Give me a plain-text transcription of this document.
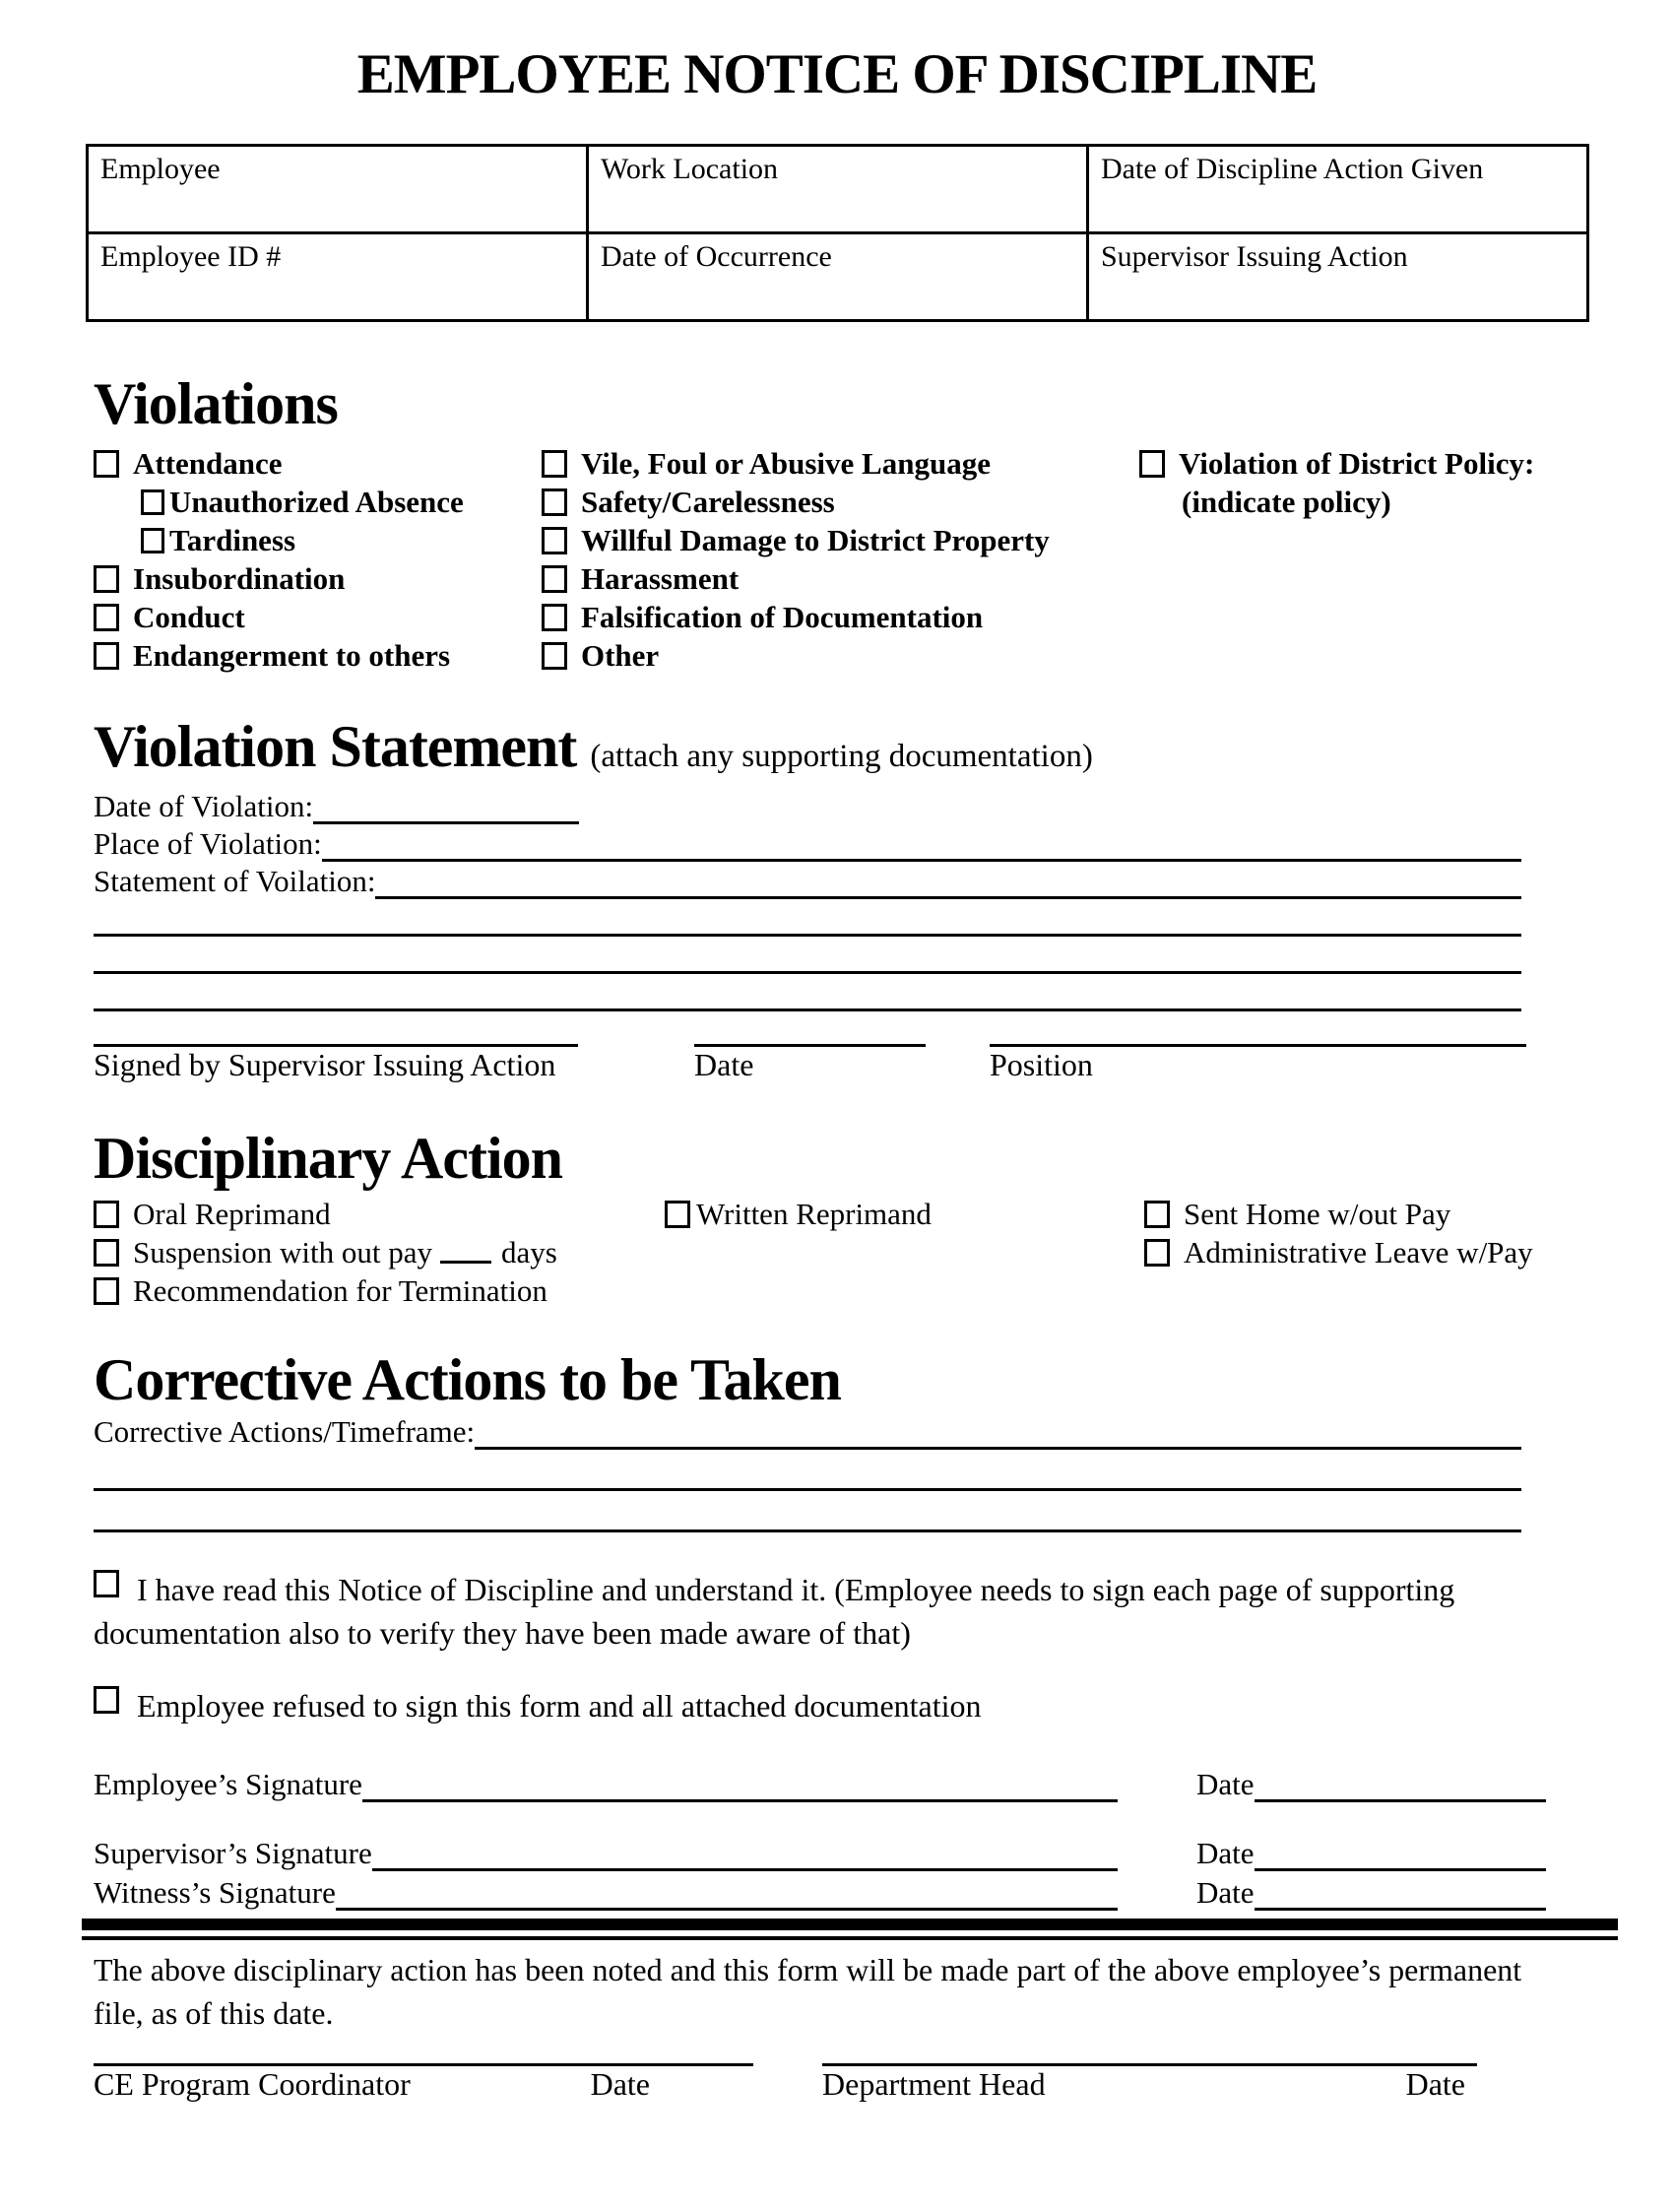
EMPLOYEE NOTICE OF DISCIPLINE
Employee	Work Location	Date of Discipline Action Given
Employee ID #	Date of Occurrence	Supervisor Issuing Action
Violations
Attendance
Unauthorized Absence
Tardiness
Insubordination
Conduct
Endangerment to others
Vile, Foul or Abusive Language
Safety/Carelessness
Willful Damage to District Property
Harassment
Falsification of Documentation
Other
Violation of District Policy:
(indicate policy)
Violation Statement (attach any supporting documentation)
Date of Violation:
Place of Violation:
Statement of Voilation:
Signed by Supervisor Issuing Action	Date	Position
Disciplinary Action
Oral Reprimand
Suspension with out pay days
Recommendation for Termination
Written Reprimand	Sent Home w/out Pay
Administrative Leave w/Pay
Corrective Actions to be Taken
Corrective Actions/Timeframe:
I have read this Notice of Discipline and understand it. (Employee needs to sign each page of supporting documentation also to verify they have been made aware of that)
Employee refused to sign this form and all attached documentation
Employee’s Signature	Date
Supervisor’s Signature	Date
Witness’s Signature	Date
The above disciplinary action has been noted and this form will be made part of the above employee’s permanent file, as of this date.
CE Program Coordinator	Date	Department Head	Date
